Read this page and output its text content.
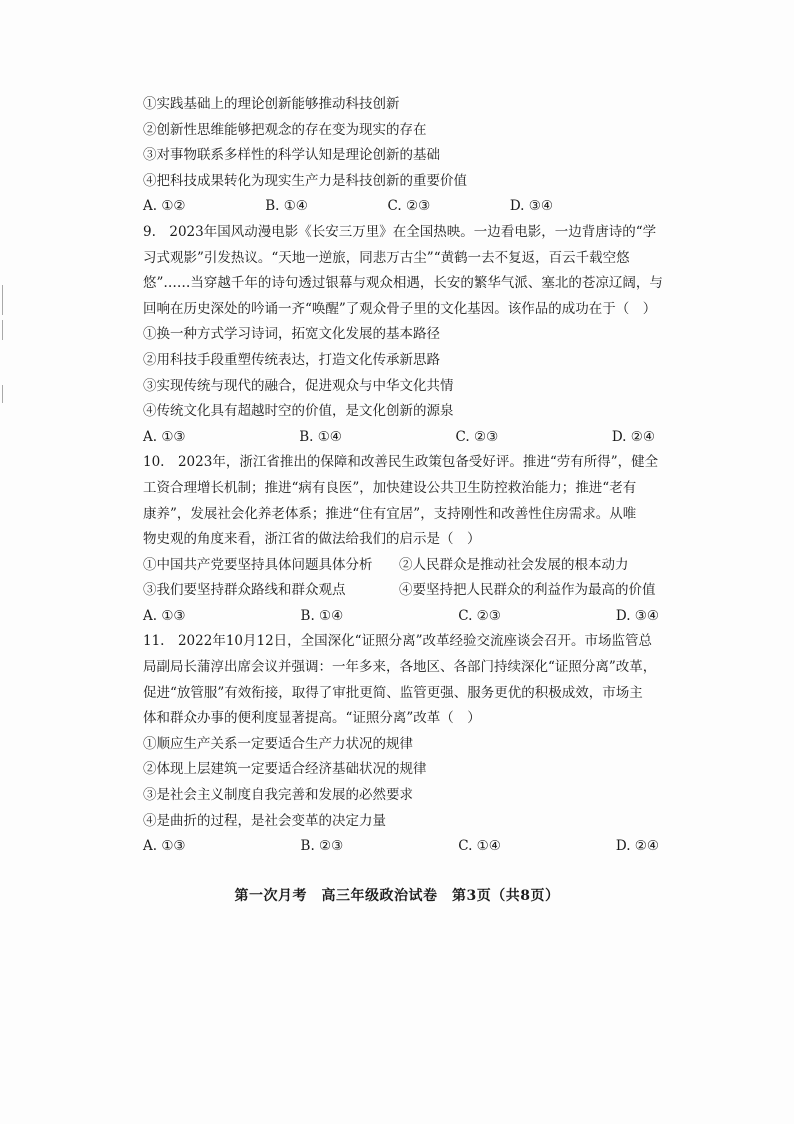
①实践基础上的理论创新能够推动科技创新
②创新性思维能够把观念的存在变为现实的存在
③对事物联系多样性的科学认知是理论创新的基础
④把科技成果转化为现实生产力是科技创新的重要价值
A. ①②	B. ①④	C. ②③	D. ③④
9.　2023年国风动漫电影《长安三万里》在全国热映。一边看电影，一边背唐诗的“学
习式观影”引发热议。“天地一逆旅，同悲万古尘”“黄鹤一去不复返，百云千载空悠
悠”……当穿越千年的诗句透过银幕与观众相遇，长安的繁华气派、塞北的苍凉辽阔，与
回响在历史深处的吟诵一齐“唤醒”了观众骨子里的文化基因。该作品的成功在于（　）
①换一种方式学习诗词，拓宽文化发展的基本路径
②用科技手段重塑传统表达，打造文化传承新思路
③实现传统与现代的融合，促进观众与中华文化共情
④传统文化具有超越时空的价值，是文化创新的源泉
A. ①③	B. ①④	C. ②③	D. ②④
10.　2023年，浙江省推出的保障和改善民生政策包备受好评。推进“劳有所得”，健全
工资合理增长机制；推进“病有良医”，加快建设公共卫生防控救治能力；推进“老有
康养”，发展社会化养老体系；推进“住有宜居”，支持刚性和改善性住房需求。从唯
物史观的角度来看，浙江省的做法给我们的启示是（　）
①中国共产党要坚持具体问题具体分析	②人民群众是推动社会发展的根本动力
③我们要坚持群众路线和群众观点	④要坚持把人民群众的利益作为最高的价值
A. ①③	B. ①④	C. ②③	D. ③④
11.　2022年10月12日，全国深化“证照分离”改革经验交流座谈会召开。市场监管总
局副局长蒲淳出席会议并强调：一年多来，各地区、各部门持续深化“证照分离”改革，
促进“放管服”有效衔接，取得了审批更简、监管更强、服务更优的积极成效，市场主
体和群众办事的便利度显著提高。“证照分离”改革（　）
①顺应生产关系一定要适合生产力状况的规律
②体现上层建筑一定要适合经济基础状况的规律
③是社会主义制度自我完善和发展的必然要求
④是曲折的过程，是社会变革的决定力量
A. ①③	B. ②③	C. ①④	D. ②④
第一次月考　高三年级政治试卷　第3页（共8页）
